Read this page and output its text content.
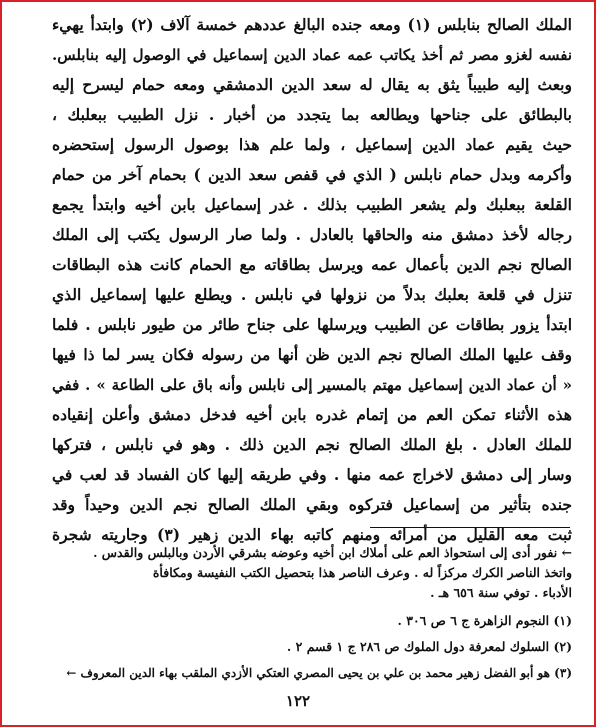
الملك الصالح بنابلس (١) ومعه جنده البالغ عددهم خمسة آلاف (٢) وابتدأ يهيء
نفسه لغزو مصر ثم أخذ يكاتب عمه عماد الدين إسماعيل في الوصول إليه بنابلس.
وبعث إليه طبيباً يثق به يقال له سعد الدين الدمشقي ومعه حمام ليسرح إليه
بالبطائق على جناحها ويطالعه بما يتجدد من أخبار . نزل الطبيب ببعلبك ،
حيث يقيم عماد الدين إسماعيل ، ولما علم هذا بوصول الرسول إستحضره
وأكرمه وبدل حمام نابلس ( الذي في قفص سعد الدين ) بحمام آخر من حمام
القلعة ببعلبك ولم يشعر الطبيب بذلك . غدر إسماعيل بابن أخيه وابتدأ يجمع
رجاله لأخذ دمشق منه والحاقها بالعادل . ولما صار الرسول يكتب إلى الملك
الصالح نجم الدين بأعمال عمه ويرسل بطاقاته مع الحمام كانت هذه البطاقات
تنزل في قلعة بعلبك بدلاً من نزولها في نابلس . ويطلع عليها إسماعيل الذي
ابتدأ يزور بطاقات عن الطبيب ويرسلها على جناح طائر من طيور نابلس . فلما
وقف عليها الملك الصالح نجم الدين ظن أنها من رسوله فكان يسر لما ذا فيها
« أن عماد الدين إسماعيل مهتم بالمسير إلى نابلس وأنه باق على الطاعة » . ففي
هذه الأثناء تمكن العم من إتمام غدره بابن أخيه فدخل دمشق وأعلن إنقياده
للملك العادل . بلغ الملك الصالح نجم الدين ذلك . وهو في نابلس ، فتركها
وسار إلى دمشق لاخراج عمه منها . وفي طريقه إليها كان الفساد قد لعب في
جنده بتأثير من إسماعيل فتركوه وبقي الملك الصالح نجم الدين وحيداً وقد
ثبت معه القليل من أمرائه ومنهم كاتبه بهاء الدين زهير (٣) وجاريته شجرة
← نفور أدى إلى استحواذ العم على أملاك ابن أخيه وعوضه بشرقي الأردن وبالبلس والقدس .
واتخذ الناصر الكرك مركزاً له . وعرف الناصر هذا بتحصيل الكتب النفيسة ومكافأة
الأدباء . توفي سنة ٦٥٦ هـ .
(١) النجوم الزاهرة ج ٦ ص ٣٠٦ .
(٢) السلوك لمعرفة دول الملوك ص ٢٨٦ ج ١ قسم ٢ .
(٣) هو أبو الفضل زهير محمد بن علي بن يحيى المصري العتكي الأزدي الملقب بهاء الدين المعروف ←
١٢٢
